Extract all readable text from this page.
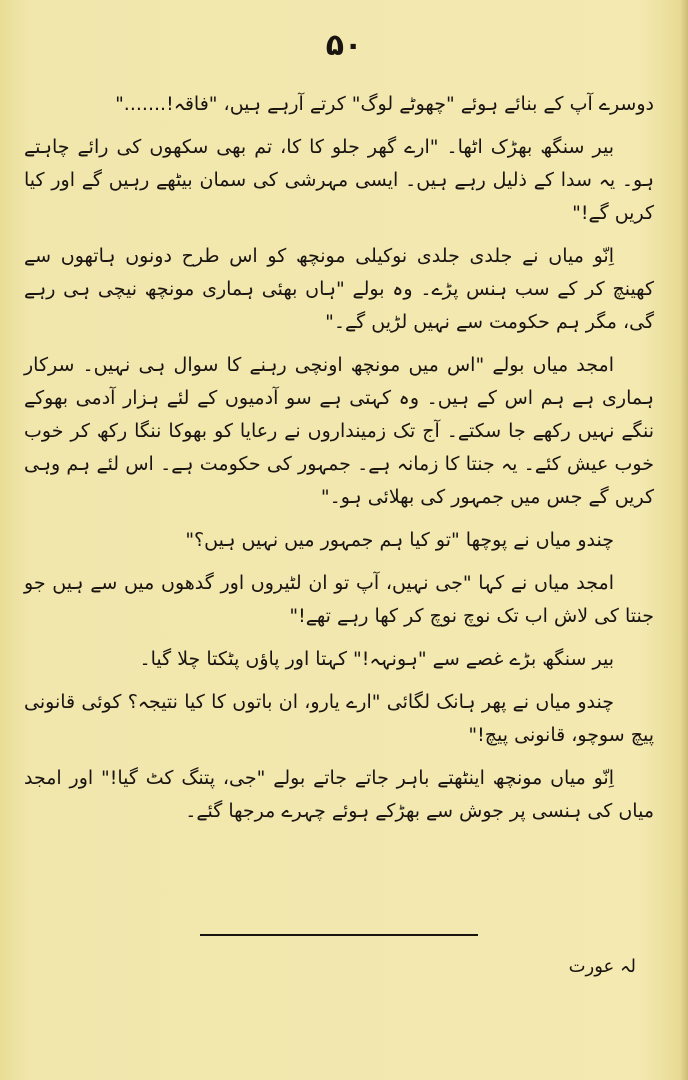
۵۰

دوسرے آپ کے بنائے ہوئے "چھوٹے لوگ" کرتے آرہے ہیں، "فاقہ!......."

بیر سنگھ بھڑک اٹھا۔ "ارے گھر جلو کا کا، تم بھی سکھوں کی رائے چاہتے ہو۔ یہ سدا کے ذلیل رہے ہیں۔ ایسی مہرشی کی سمان بیٹھے رہیں گے اور کیا کریں گے!"

اِنّو میاں نے جلدی جلدی نوکیلی مونچھ کو اس طرح دونوں ہاتھوں سے کھینچ کر کے سب ہنس پڑے۔ وہ بولے "ہاں بھئی ہماری مونچھ نیچی ہی رہے گی، مگر ہم حکومت سے نہیں لڑیں گے۔"

امجد میاں بولے "اس میں مونچھ اونچی رہنے کا سوال ہی نہیں۔ سرکار ہماری ہے ہم اس کے ہیں۔ وہ کہتی ہے سو آدمیوں کے لئے ہزار آدمی بھوکے ننگے نہیں رکھے جا سکتے۔ آج تک زمینداروں نے رعایا کو بھوکا ننگا رکھ کر خوب خوب عیش کئے۔ یہ جنتا کا زمانہ ہے۔ جمہور کی حکومت ہے۔ اس لئے ہم وہی کریں گے جس میں جمہور کی بھلائی ہو۔"

چندو میاں نے پوچھا "تو کیا ہم جمہور میں نہیں ہیں؟"

امجد میاں نے کہا "جی نہیں، آپ تو ان لٹیروں اور گدھوں میں سے ہیں جو جنتا کی لاش اب تک نوچ نوچ کر کھا رہے تھے!"

بیر سنگھ بڑے غصے سے "ہونہہ!" کہتا اور پاؤں پٹکتا چلا گیا۔

چندو میاں نے پھر ہانک لگائی "ارے یارو، ان باتوں کا کیا نتیجہ؟ کوئی قانونی پیچ سوچو، قانونی پیچ!"

اِنّو میاں مونچھ اینٹھتے باہر جاتے جاتے بولے "جی، پتنگ کٹ گیا!" اور امجد میاں کی ہنسی پر جوش سے بھڑکے ہوئے چہرے مرجھا گئے۔

لہ عورت
